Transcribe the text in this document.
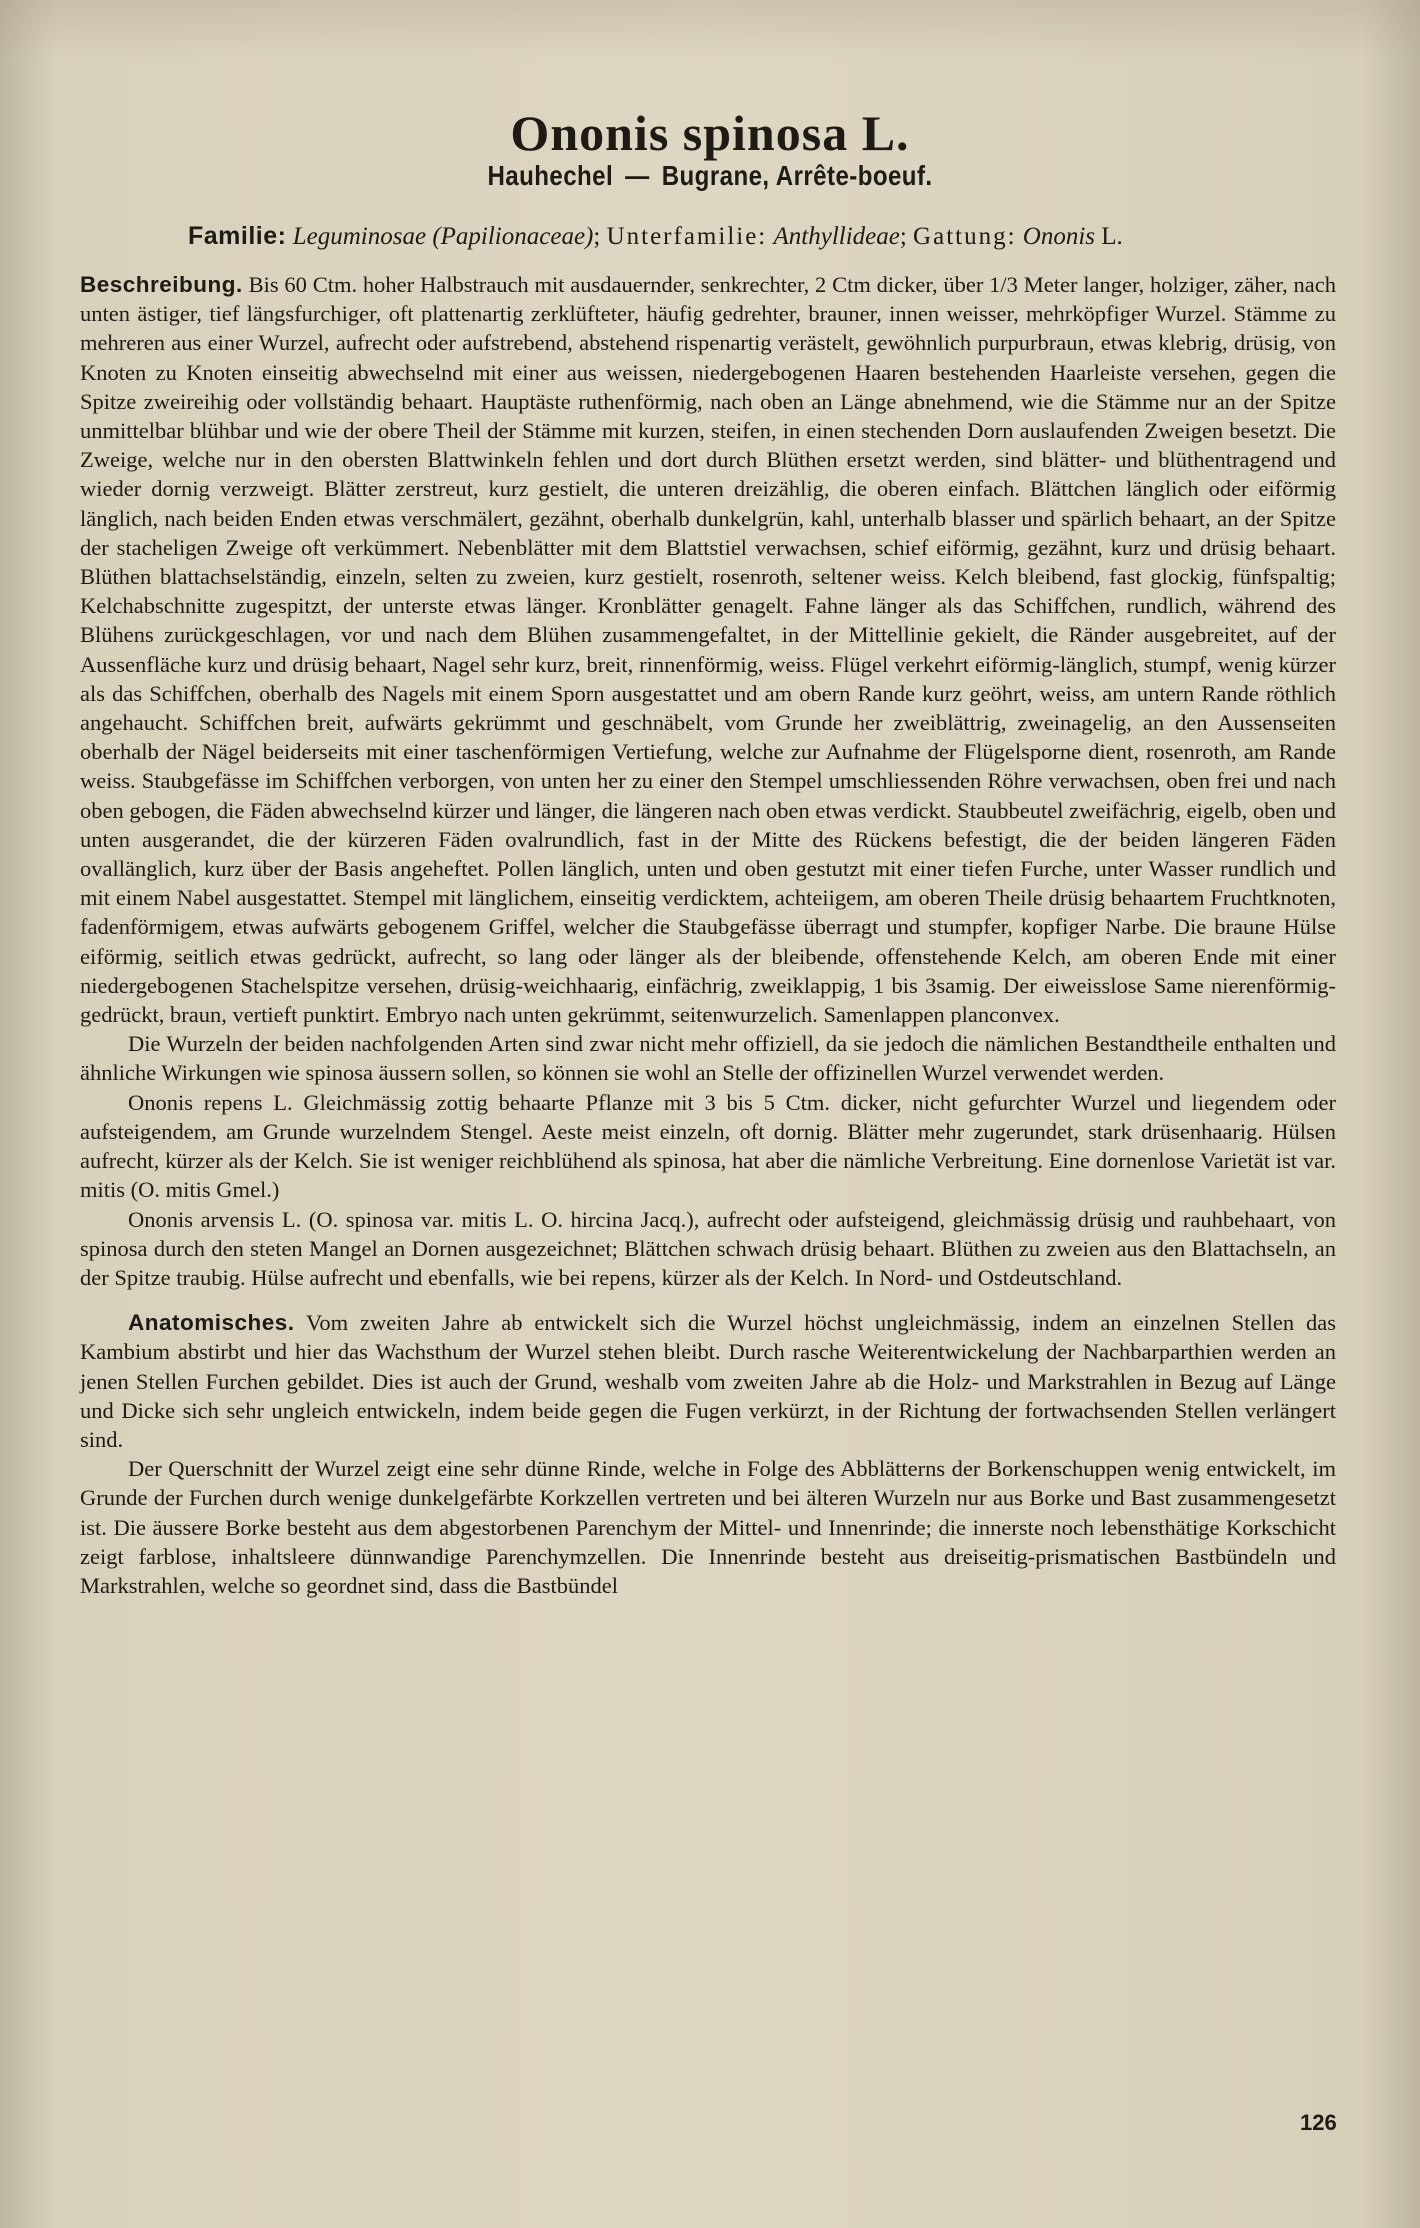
Ononis spinosa L.
Hauhechel — Bugrane, Arrête-boeuf.
Familie: Leguminosae (Papilionaceae); Unterfamilie: Anthyllideae; Gattung: Ononis L.

Beschreibung. Bis 60 Ctm. hoher Halbstrauch mit ausdauernder, senkrechter, 2 Ctm dicker, über 1/3 Meter langer, holziger, zäher, nach unten ästiger, tief längsfurchiger, oft plattenartig zerklüfteter, häufig gedrehter, brauner, innen weisser, mehrköpfiger Wurzel. Stämme zu mehreren aus einer Wurzel, aufrecht oder aufstrebend, abstehend rispenartig verästelt, gewöhnlich purpurbraun, etwas klebrig, drüsig, von Knoten zu Knoten einseitig abwechselnd mit einer aus weissen, niedergebogenen Haaren bestehenden Haarleiste versehen, gegen die Spitze zweireihig oder vollständig behaart. Hauptäste ruthenförmig, nach oben an Länge abnehmend, wie die Stämme nur an der Spitze unmittelbar blühbar und wie der obere Theil der Stämme mit kurzen, steifen, in einen stechenden Dorn auslaufenden Zweigen besetzt. Die Zweige, welche nur in den obersten Blattwinkeln fehlen und dort durch Blüthen ersetzt werden, sind blätter- und blüthentragend und wieder dornig verzweigt. Blätter zerstreut, kurz gestielt, die unteren dreizählig, die oberen einfach. Blättchen länglich oder eiförmig länglich, nach beiden Enden etwas verschmälert, gezähnt, oberhalb dunkelgrün, kahl, unterhalb blasser und spärlich behaart, an der Spitze der stacheligen Zweige oft verkümmert. Nebenblätter mit dem Blattstiel verwachsen, schief eiförmig, gezähnt, kurz und drüsig behaart. Blüthen blattachselständig, einzeln, selten zu zweien, kurz gestielt, rosenroth, seltener weiss. Kelch bleibend, fast glockig, fünfspaltig; Kelchabschnitte zugespitzt, der unterste etwas länger. Kronblätter genagelt. Fahne länger als das Schiffchen, rundlich, während des Blühens zurückgeschlagen, vor und nach dem Blühen zusammengefaltet, in der Mittellinie gekielt, die Ränder ausgebreitet, auf der Aussenfläche kurz und drüsig behaart, Nagel sehr kurz, breit, rinnenförmig, weiss. Flügel verkehrt eiförmig-länglich, stumpf, wenig kürzer als das Schiffchen, oberhalb des Nagels mit einem Sporn ausgestattet und am obern Rande kurz geöhrt, weiss, am untern Rande röthlich angehaucht. Schiffchen breit, aufwärts gekrümmt und geschnäbelt, vom Grunde her zweiblättrig, zweinagelig, an den Aussenseiten oberhalb der Nägel beiderseits mit einer taschenförmigen Vertiefung, welche zur Aufnahme der Flügelsporne dient, rosenroth, am Rande weiss. Staubgefässe im Schiffchen verborgen, von unten her zu einer den Stempel umschliessenden Röhre verwachsen, oben frei und nach oben gebogen, die Fäden abwechselnd kürzer und länger, die längeren nach oben etwas verdickt. Staubbeutel zweifächrig, eigelb, oben und unten ausgerandet, die der kürzeren Fäden ovalrundlich, fast in der Mitte des Rückens befestigt, die der beiden längeren Fäden ovallänglich, kurz über der Basis angeheftet. Pollen länglich, unten und oben gestutzt mit einer tiefen Furche, unter Wasser rundlich und mit einem Nabel ausgestattet. Stempel mit länglichem, einseitig verdicktem, achteiigem, am oberen Theile drüsig behaartem Fruchtknoten, fadenförmigem, etwas aufwärts gebogenem Griffel, welcher die Staubgefässe überragt und stumpfer, kopfiger Narbe. Die braune Hülse eiförmig, seitlich etwas gedrückt, aufrecht, so lang oder länger als der bleibende, offenstehende Kelch, am oberen Ende mit einer niedergebogenen Stachelspitze versehen, drüsig-weichhaarig, einfächrig, zweiklappig, 1 bis 3samig. Der eiweisslose Same nierenförmig-gedrückt, braun, vertieft punktirt. Embryo nach unten gekrümmt, seitenwurzelich. Samenlappen planconvex.

Die Wurzeln der beiden nachfolgenden Arten sind zwar nicht mehr offiziell, da sie jedoch die nämlichen Bestandtheile enthalten und ähnliche Wirkungen wie spinosa äussern sollen, so können sie wohl an Stelle der offizinellen Wurzel verwendet werden.

Ononis repens L. Gleichmässig zottig behaarte Pflanze mit 3 bis 5 Ctm. dicker, nicht gefurchter Wurzel und liegendem oder aufsteigendem, am Grunde wurzelndem Stengel. Aeste meist einzeln, oft dornig. Blätter mehr zugerundet, stark drüsenhaarig. Hülsen aufrecht, kürzer als der Kelch. Sie ist weniger reichblühend als spinosa, hat aber die nämliche Verbreitung. Eine dornenlose Varietät ist var. mitis (O. mitis Gmel.)

Ononis arvensis L. (O. spinosa var. mitis L. O. hircina Jacq.), aufrecht oder aufsteigend, gleichmässig drüsig und rauhbehaart, von spinosa durch den steten Mangel an Dornen ausgezeichnet; Blättchen schwach drüsig behaart. Blüthen zu zweien aus den Blattachseln, an der Spitze traubig. Hülse aufrecht und ebenfalls, wie bei repens, kürzer als der Kelch. In Nord- und Ostdeutschland.

Anatomisches. Vom zweiten Jahre ab entwickelt sich die Wurzel höchst ungleichmässig, indem an einzelnen Stellen das Kambium abstirbt und hier das Wachsthum der Wurzel stehen bleibt. Durch rasche Weiterentwickelung der Nachbarparthien werden an jenen Stellen Furchen gebildet. Dies ist auch der Grund, weshalb vom zweiten Jahre ab die Holz- und Markstrahlen in Bezug auf Länge und Dicke sich sehr ungleich entwickeln, indem beide gegen die Fugen verkürzt, in der Richtung der fortwachsenden Stellen verlängert sind.

Der Querschnitt der Wurzel zeigt eine sehr dünne Rinde, welche in Folge des Abblätterns der Borkenschuppen wenig entwickelt, im Grunde der Furchen durch wenige dunkelgefärbte Korkzellen vertreten und bei älteren Wurzeln nur aus Borke und Bast zusammengesetzt ist. Die äussere Borke besteht aus dem abgestorbenen Parenchym der Mittel- und Innenrinde; die innerste noch lebensthätige Korkschicht zeigt farblose, inhaltsleere dünnwandige Parenchymzellen. Die Innenrinde besteht aus dreiseitig-prismatischen Bastbündeln und Markstrahlen, welche so geordnet sind, dass die Bastbündel

126
